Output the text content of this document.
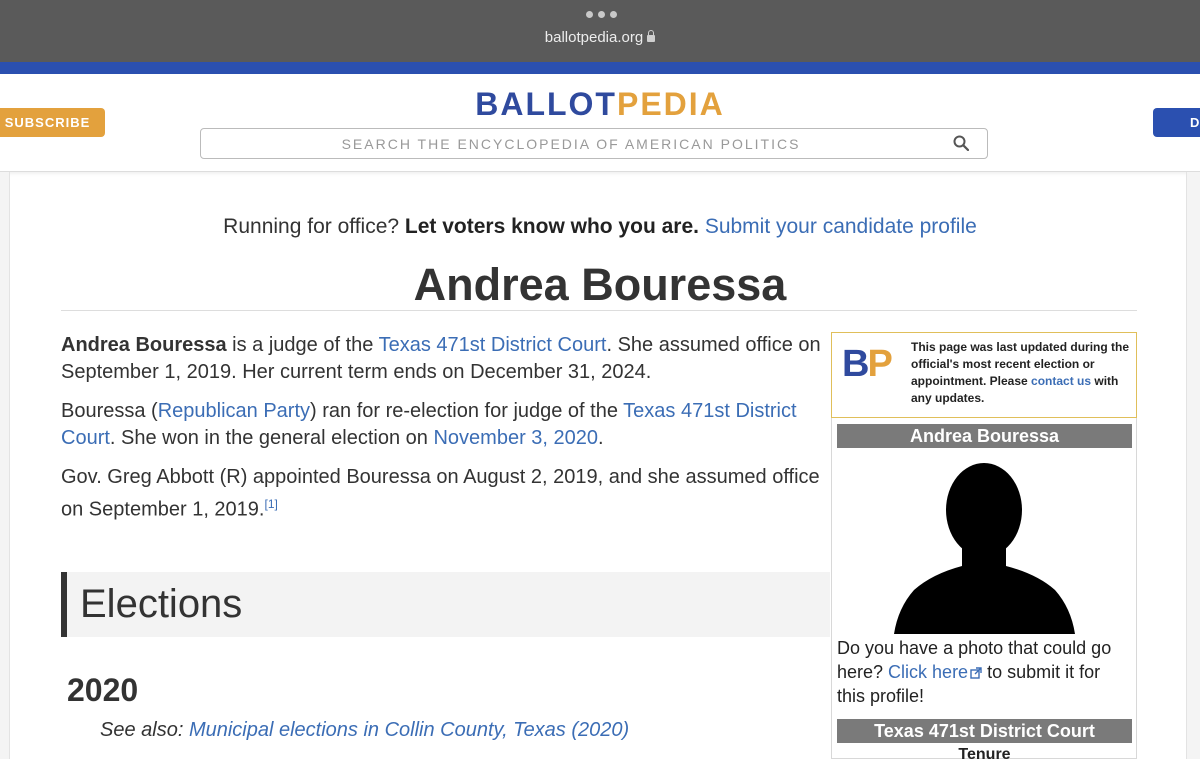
ballotpedia.org
BALLOTPEDIA
SUBSCRIBE	D
SEARCH THE ENCYCLOPEDIA OF AMERICAN POLITICS
Running for office? Let voters know who you are. Submit your candidate profile
Andrea Bouressa

Andrea Bouressa is a judge of the Texas 471st District Court. She assumed office on September 1, 2019. Her current term ends on December 31, 2024.

Bouressa (Republican Party) ran for re-election for judge of the Texas 471st District Court. She won in the general election on November 3, 2020.

Gov. Greg Abbott (R) appointed Bouressa on August 2, 2019, and she assumed office on September 1, 2019.[1]

Elections
2020
See also: Municipal elections in Collin County, Texas (2020)
BP This page was last updated during the official's most recent election or appointment. Please contact us with any updates.
Andrea Bouressa
Do you have a photo that could go here? Click here to submit it for this profile!
Texas 471st District Court
Tenure
